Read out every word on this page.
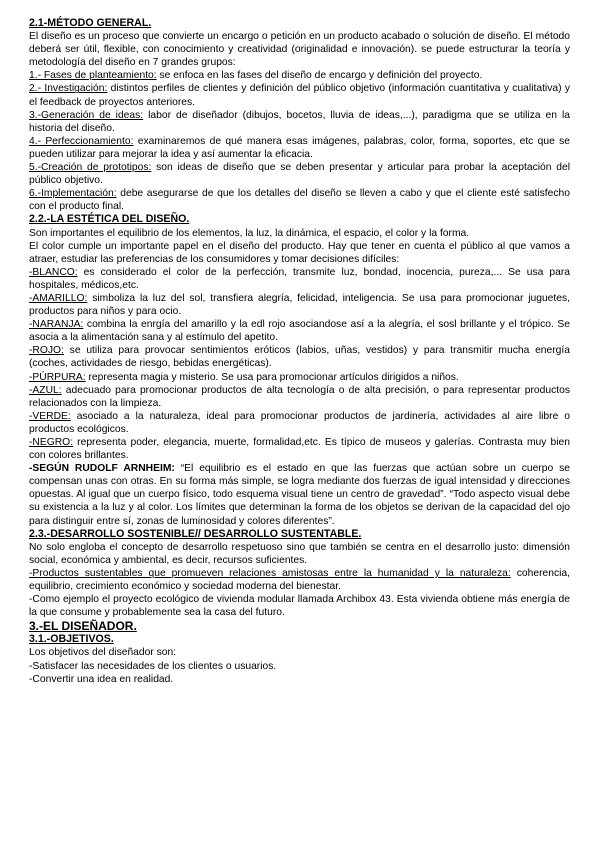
2.1-MÉTODO GENERAL.

El diseño es un proceso que convierte un encargo o petición en un producto acabado o solución de diseño. El método deberá ser útil, flexible, con conocimiento y creatividad (originalidad e innovación). se puede estructurar la teoría y metodología del diseño en 7 grandes grupos:

1.- Fases de planteamiento: se enfoca en las fases del diseño de encargo y definición del proyecto.

2.- Investigación: distintos perfiles de clientes y definición del público objetivo (información cuantitativa y cualitativa) y el feedback de proyectos anteriores.

3.-Generación de ideas: labor de diseñador (dibujos, bocetos, lluvia de ideas,...), paradigma que se utiliza en la historia del diseño.

4.- Perfeccionamiento: examinaremos de qué manera esas imágenes, palabras, color, forma, soportes, etc que se pueden utilizar para mejorar la idea y así aumentar la eficacia.

5.-Creación de prototipos: son ideas de diseño que se deben presentar y articular para probar la aceptación del público objetivo.

6.-Implementación: debe asegurarse de que los detalles del diseño se lleven a cabo y que el cliente esté satisfecho con el producto final.

2.2.-LA ESTÉTICA DEL DISEÑO.

Son importantes el equilibrio de los elementos, la luz, la dinámica, el espacio, el color y la forma.

El color cumple un importante papel en el diseño del producto. Hay que tener en cuenta el público al que vamos a atraer, estudiar las preferencias de los consumidores y tomar decisiones difíciles:

-BLANCO: es considerado el color de la perfección, transmite luz, bondad, inocencia, pureza,... Se usa para hospitales, médicos,etc.

-AMARILLO: simboliza la luz del sol, transfiera alegría, felicidad, inteligencia. Se usa para promocionar juguetes, productos para niños y para ocio.

-NARANJA: combina la enrgía del amarillo y la edl rojo asociandose así a la alegría, el sosl brillante y el trópico. Se asocia a la alimentación sana y al estímulo del apetito.

-ROJO: se utiliza para provocar sentimientos eróticos (labios, uñas, vestidos) y para transmitir mucha energía (coches, actividades de riesgo, bebidas energéticas).

-PÚRPURA: representa magia y misterio. Se usa para promocionar artículos dirigidos a niños.

-AZUL: adecuado para promocionar productos de alta tecnología o de alta precisión, o para representar productos relacionados con la limpieza.

-VERDE: asociado a la naturaleza, ideal para promocionar productos de jardinería, actividades al aire libre o productos ecológicos.

-NEGRO: representa poder, elegancia, muerte, formalidad,etc. Es típico de museos y galerías. Contrasta muy bien con colores brillantes.

-SEGÚN RUDOLF ARNHEIM: “El equilibrio es el estado en que las fuerzas que actúan sobre un cuerpo se compensan unas con otras. En su forma más simple, se logra mediante dos fuerzas de igual intensidad y direcciones opuestas. Al igual que un cuerpo físico, todo esquema visual tiene un centro de gravedad”. “Todo aspecto visual debe su existencia a la luz y al color. Los límites que determinan la forma de los objetos se derivan de la capacidad del ojo para distinguir entre sí, zonas de luminosidad y colores diferentes”.

2.3.-DESARROLLO SOSTENIBLE// DESARROLLO SUSTENTABLE.

No solo engloba el concepto de desarrollo respetuoso sino que también se centra en el desarrollo justo: dimensión social, económica y ambiental, es decir, recursos suficientes.

-Productos sustentables que promueven relaciones amistosas entre la humanidad y la naturaleza: coherencia, equilibrio, crecimiento económico y sociedad moderna del bienestar.

-Como ejemplo el proyecto ecológico de vivienda modular llamada Archibox 43. Esta vivienda obtiene más energía de la que consume y probablemente sea la casa del futuro.

3.-EL DISEÑADOR.

3.1.-OBJETIVOS.

Los objetivos del diseñador son:

-Satisfacer las necesidades de los clientes o usuarios.

-Convertir una idea en realidad.
